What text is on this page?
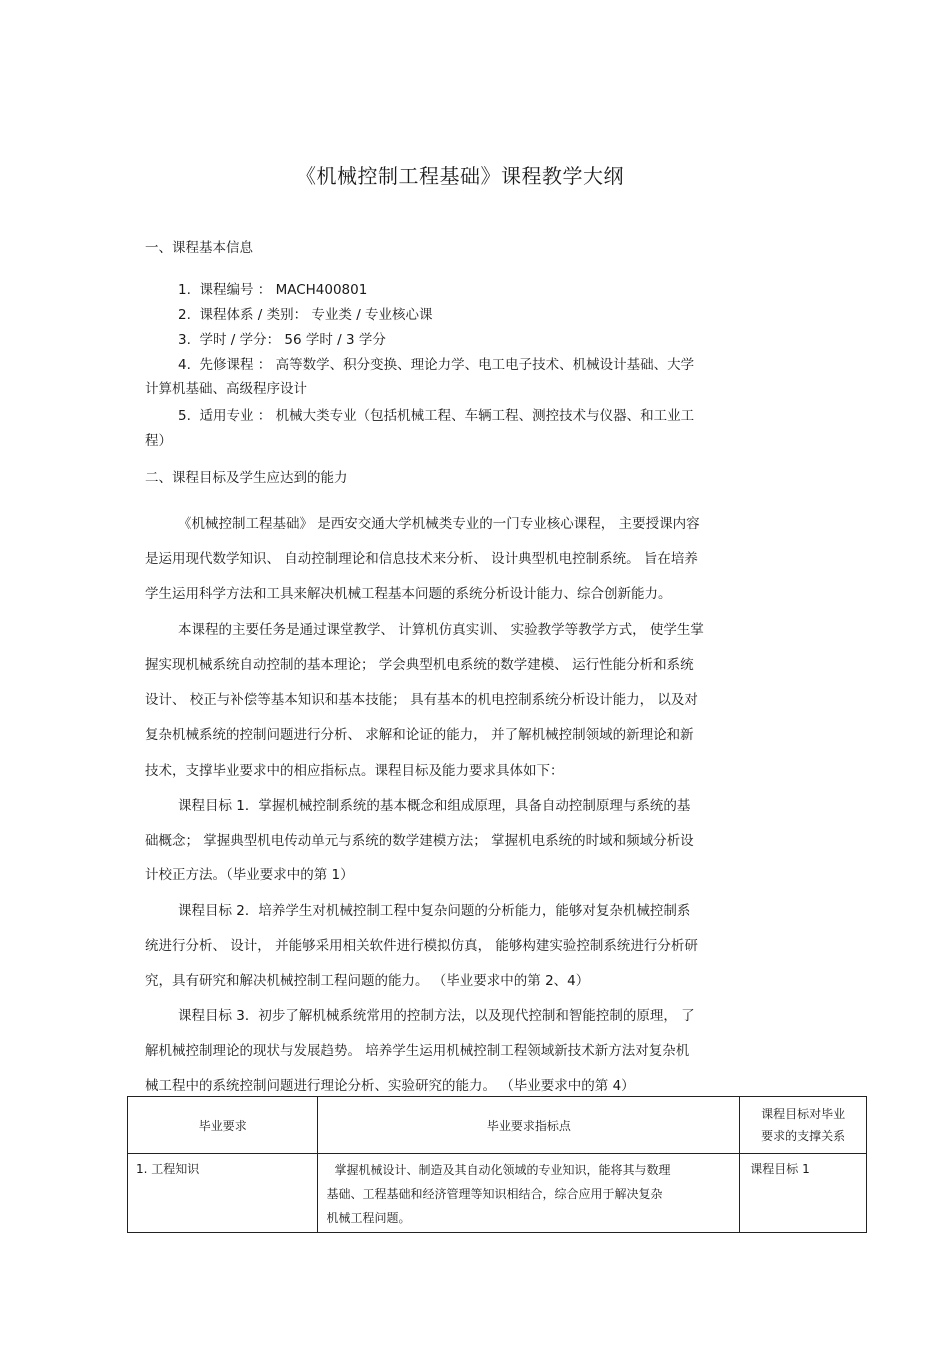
《机械控制工程基础》课程教学大纲
一、课程基本信息
1. 课程编号 ： MACH400801
2. 课程体系 / 类别： 专业类 / 专业核心课
3. 学时 / 学分： 56 学时 / 3 学分
4. 先修课程 ： 高等数学、积分变换、理论力学、电工电子技术、机械设计基础、大学
计算机基础、高级程序设计
5. 适用专业 ： 机械大类专业（包括机械工程、车辆工程、测控技术与仪器、和工业工
程）
二、课程目标及学生应达到的能力
《机械控制工程基础》 是西安交通大学机械类专业的一门专业核心课程， 主要授课内容
是运用现代数学知识、 自动控制理论和信息技术来分析、 设计典型机电控制系统。 旨在培养
学生运用科学方法和工具来解决机械工程基本问题的系统分析设计能力、综合创新能力。
本课程的主要任务是通过课堂教学、 计算机仿真实训、 实验教学等教学方式， 使学生掌
握实现机械系统自动控制的基本理论； 学会典型机电系统的数学建模、 运行性能分析和系统
设计、 校正与补偿等基本知识和基本技能； 具有基本的机电控制系统分析设计能力， 以及对
复杂机械系统的控制问题进行分析、 求解和论证的能力， 并了解机械控制领域的新理论和新
技术，支撑毕业要求中的相应指标点。课程目标及能力要求具体如下：
课程目标 1．掌握机械控制系统的基本概念和组成原理，具备自动控制原理与系统的基
础概念； 掌握典型机电传动单元与系统的数学建模方法； 掌握机电系统的时域和频域分析设
计校正方法。（毕业要求中的第 1）
课程目标 2．培养学生对机械控制工程中复杂问题的分析能力，能够对复杂机械控制系
统进行分析、 设计， 并能够采用相关软件进行模拟仿真， 能够构建实验控制系统进行分析研
究，具有研究和解决机械控制工程问题的能力。 （毕业要求中的第 2、4）
课程目标 3．初步了解机械系统常用的控制方法，以及现代控制和智能控制的原理， 了
解机械控制理论的现状与发展趋势。 培养学生运用机械控制工程领域新技术新方法对复杂机
械工程中的系统控制问题进行理论分析、实验研究的能力。 （毕业要求中的第 4）
毕业要求	毕业要求指标点	课程目标对毕业
要求的支撑关系

1. 工程知识	掌握机械设计、制造及其自动化领域的专业知识，能将其与数理
基础、工程基础和经济管理等知识相结合，综合应用于解决复杂
机械工程问题。	课程目标 1
